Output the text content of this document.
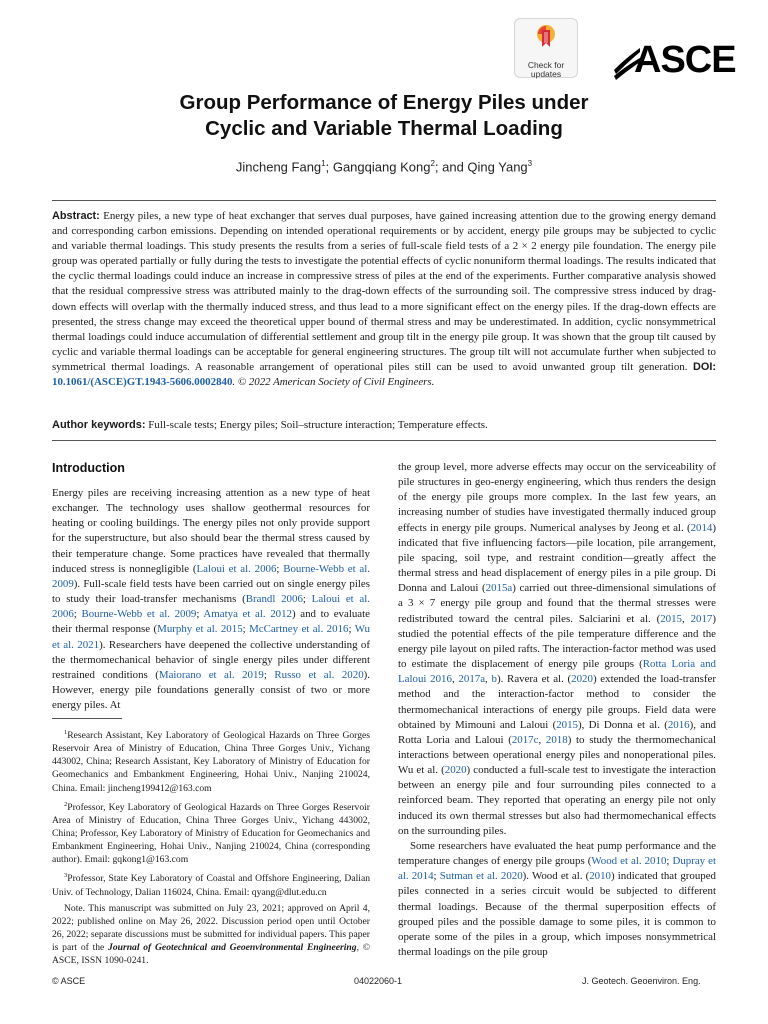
Check for
updates	ASCE
Group Performance of Energy Piles under
Cyclic and Variable Thermal Loading
Jincheng Fang$^1$; Gangqiang Kong$^2$; and Qing Yang$^3$
Abstract: Energy piles, a new type of heat exchanger that serves dual purposes, have gained increasing attention due to the growing energy demand and corresponding carbon emissions. Depending on intended operational requirements or by accident, energy pile groups may be subjected to cyclic and variable thermal loadings. This study presents the results from a series of full-scale field tests of a 2 × 2 energy pile foundation. The energy pile group was operated partially or fully during the tests to investigate the potential effects of cyclic nonuniform thermal loadings. The results indicated that the cyclic thermal loadings could induce an increase in compressive stress of piles at the end of the experiments. Further comparative analysis showed that the residual compressive stress was attributed mainly to the drag-down effects of the surrounding soil. The compressive stress induced by drag-down effects will overlap with the thermally induced stress, and thus lead to a more significant effect on the energy piles. If the drag-down effects are presented, the stress change may exceed the theoretical upper bound of thermal stress and may be underestimated. In addition, cyclic nonsymmetrical thermal loadings could induce accumulation of differential settlement and group tilt in the energy pile group. It was shown that the group tilt caused by cyclic and variable thermal loadings can be acceptable for general engineering structures. The group tilt will not accumulate further when subjected to symmetrical thermal loadings. A reasonable arrangement of operational piles still can be used to avoid unwanted group tilt generation. DOI: 10.1061/(ASCE)GT.1943-5606.0002840. © 2022 American Society of Civil Engineers.
Author keywords: Full-scale tests; Energy piles; Soil–structure interaction; Temperature effects.
Introduction

Energy piles are receiving increasing attention as a new type of heat exchanger. The technology uses shallow geothermal resources for heating or cooling buildings. The energy piles not only provide support for the superstructure, but also should bear the thermal stress caused by their temperature change. Some practices have revealed that thermally induced stress is nonnegligible (Laloui et al. 2006; Bourne-Webb et al. 2009). Full-scale field tests have been carried out on single energy piles to study their load-transfer mechanisms (Brandl 2006; Laloui et al. 2006; Bourne-Webb et al. 2009; Amatya et al. 2012) and to evaluate their thermal response (Murphy et al. 2015; McCartney et al. 2016; Wu et al. 2021). Researchers have deepened the collective understanding of the thermomechanical behavior of single energy piles under different restrained conditions (Maiorano et al. 2019; Russo et al. 2020). However, energy pile foundations generally consist of two or more energy piles. At

$^1$Research Assistant, Key Laboratory of Geological Hazards on Three Gorges Reservoir Area of Ministry of Education, China Three Gorges Univ., Yichang 443002, China; Research Assistant, Key Laboratory of Ministry of Education for Geomechanics and Embankment Engineering, Hohai Univ., Nanjing 210024, China. Email: jincheng199412@163.com

$^2$Professor, Key Laboratory of Geological Hazards on Three Gorges Reservoir Area of Ministry of Education, China Three Gorges Univ., Yichang 443002, China; Professor, Key Laboratory of Ministry of Education for Geomechanics and Embankment Engineering, Hohai Univ., Nanjing 210024, China (corresponding author). Email: gqkong1@163.com

$^3$Professor, State Key Laboratory of Coastal and Offshore Engineering, Dalian Univ. of Technology, Dalian 116024, China. Email: qyang@dlut.edu.cn

Note. This manuscript was submitted on July 23, 2021; approved on April 4, 2022; published online on May 26, 2022. Discussion period open until October 26, 2022; separate discussions must be submitted for individual papers. This paper is part of the Journal of Geotechnical and Geoenvironmental Engineering, © ASCE, ISSN 1090-0241.

the group level, more adverse effects may occur on the serviceability of pile structures in geo-energy engineering, which thus renders the design of the energy pile groups more complex. In the last few years, an increasing number of studies have investigated thermally induced group effects in energy pile groups. Numerical analyses by Jeong et al. (2014) indicated that five influencing factors—pile location, pile arrangement, pile spacing, soil type, and restraint condition—greatly affect the thermal stress and head displacement of energy piles in a pile group. Di Donna and Laloui (2015a) carried out three-dimensional simulations of a 3 × 7 energy pile group and found that the thermal stresses were redistributed toward the central piles. Salciarini et al. (2015, 2017) studied the potential effects of the pile temperature difference and the energy pile layout on piled rafts. The interaction-factor method was used to estimate the displacement of energy pile groups (Rotta Loria and Laloui 2016, 2017a, b). Ravera et al. (2020) extended the load-transfer method and the interaction-factor method to consider the thermomechanical interactions of energy pile groups. Field data were obtained by Mimouni and Laloui (2015), Di Donna et al. (2016), and Rotta Loria and Laloui (2017c, 2018) to study the thermomechanical interactions between operational energy piles and nonoperational piles. Wu et al. (2020) conducted a full-scale test to investigate the interaction between an energy pile and four surrounding piles connected to a reinforced beam. They reported that operating an energy pile not only induced its own thermal stresses but also had thermomechanical effects on the surrounding piles.

Some researchers have evaluated the heat pump performance and the temperature changes of energy pile groups (Wood et al. 2010; Dupray et al. 2014; Sutman et al. 2020). Wood et al. (2010) indicated that grouped piles connected in a series circuit would be subjected to different thermal loadings. Because of the thermal superposition effects of grouped piles and the possible damage to some piles, it is common to operate some of the piles in a group, which imposes nonsymmetrical thermal loadings on the pile group

© ASCE	04022060-1	J. Geotech. Geoenviron. Eng.
